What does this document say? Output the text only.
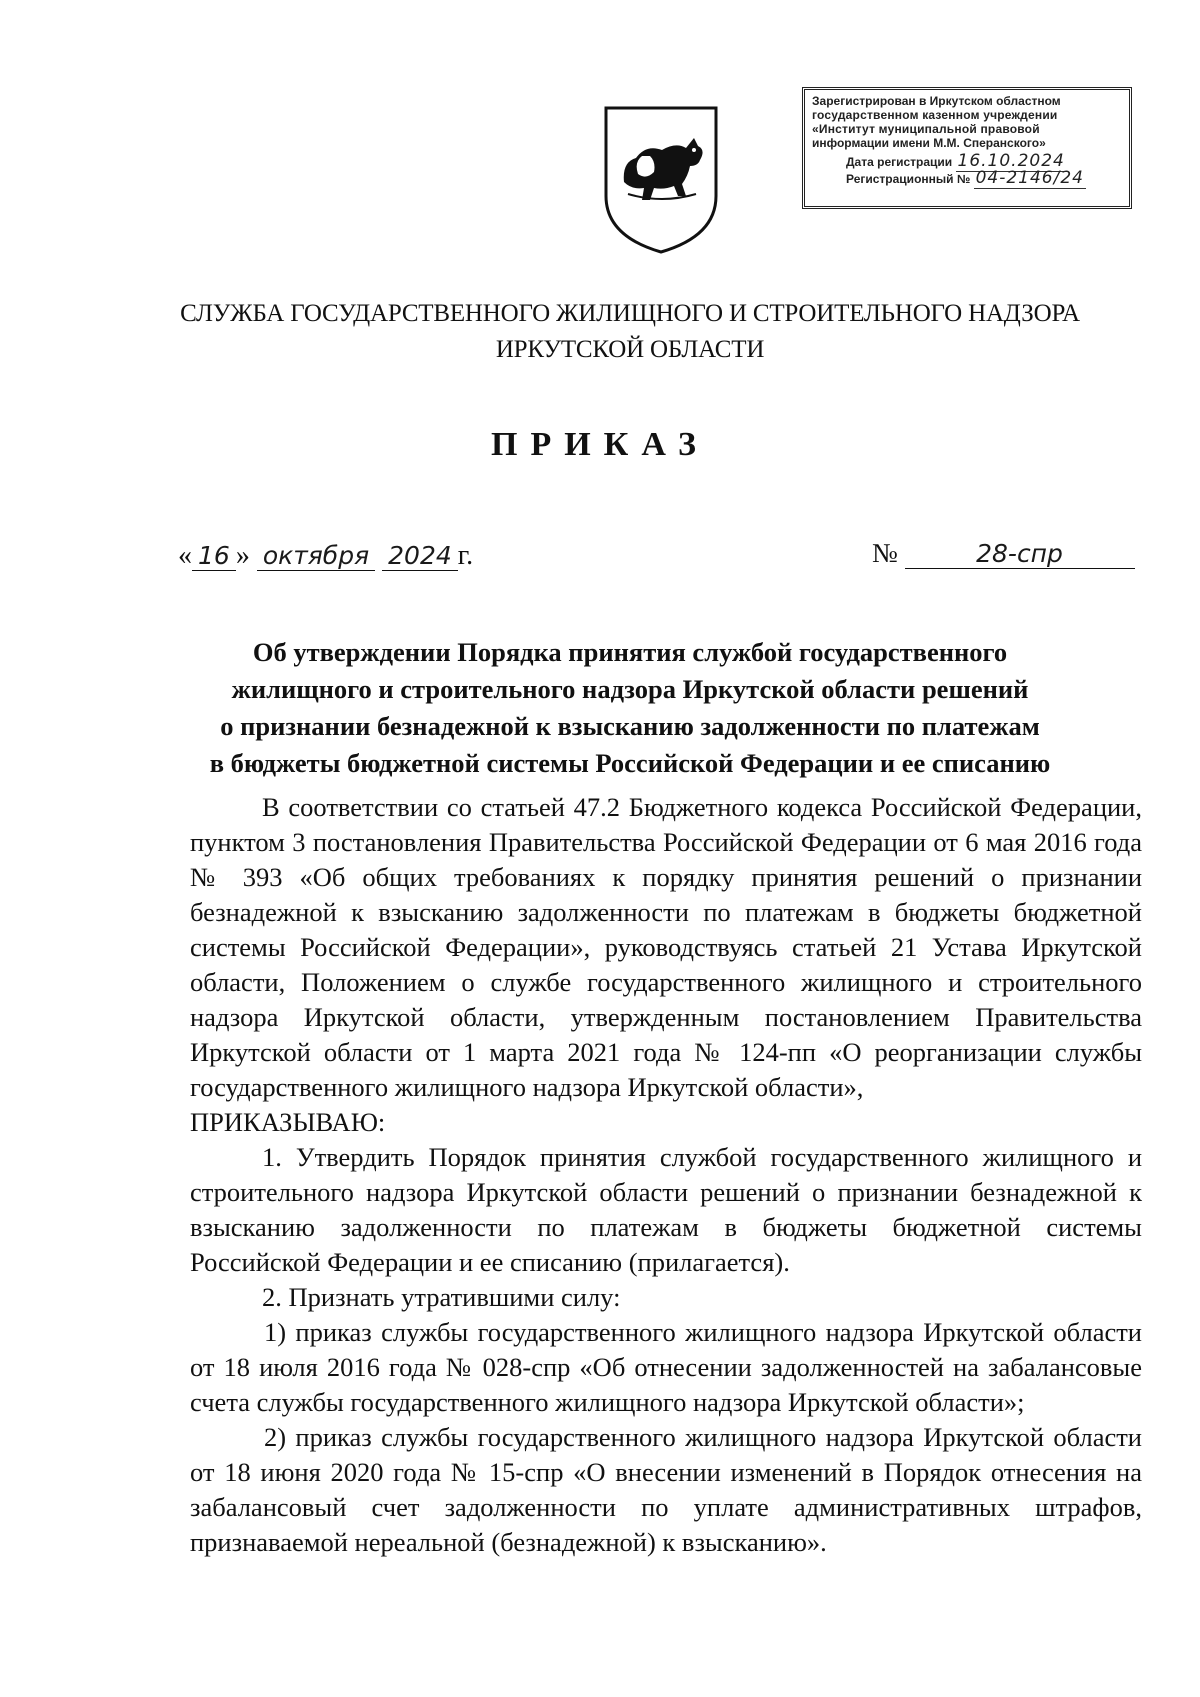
Зарегистрирован в Иркутском областном
государственном казенном учреждении
«Институт муниципальной правовой
информации имени М.М. Сперанского»
Дата регистрации 16.10.2024
Регистрационный № 04-2146/24
СЛУЖБА ГОСУДАРСТВЕННОГО ЖИЛИЩНОГО И СТРОИТЕЛЬНОГО НАДЗОРА
ИРКУТСКОЙ ОБЛАСТИ
ПРИКАЗ
« 16 » октября 2024 г.	№	28-спр
Об утверждении Порядка принятия службой государственного
жилищного и строительного надзора Иркутской области решений
о признании безнадежной к взысканию задолженности по платежам
в бюджеты бюджетной системы Российской Федерации и ее списанию

В соответствии со статьей 47.2 Бюджетного кодекса Российской Федерации, пунктом 3 постановления Правительства Российской Федерации от 6 мая 2016 года № 393 «Об общих требованиях к порядку принятия решений о признании безнадежной к взысканию задолженности по платежам в бюджеты бюджетной системы Российской Федерации», руководствуясь статьей 21 Устава Иркутской области, Положением о службе государственного жилищного и строительного надзора Иркутской области, утвержденным постановлением Правительства Иркутской области от 1 марта 2021 года № 124-пп «О реорганизации службы государственного жилищного надзора Иркутской области»,

ПРИКАЗЫВАЮ:

1. Утвердить Порядок принятия службой государственного жилищного и строительного надзора Иркутской области решений о признании безнадежной к взысканию задолженности по платежам в бюджеты бюджетной системы Российской Федерации и ее списанию (прилагается).

2. Признать утратившими силу:

1) приказ службы государственного жилищного надзора Иркутской области от 18 июля 2016 года № 028-спр «Об отнесении задолженностей на забалансовые счета службы государственного жилищного надзора Иркутской области»;

2) приказ службы государственного жилищного надзора Иркутской области от 18 июня 2020 года № 15-спр «О внесении изменений в Порядок отнесения на забалансовый счет задолженности по уплате административных штрафов, признаваемой нереальной (безнадежной) к взысканию».
